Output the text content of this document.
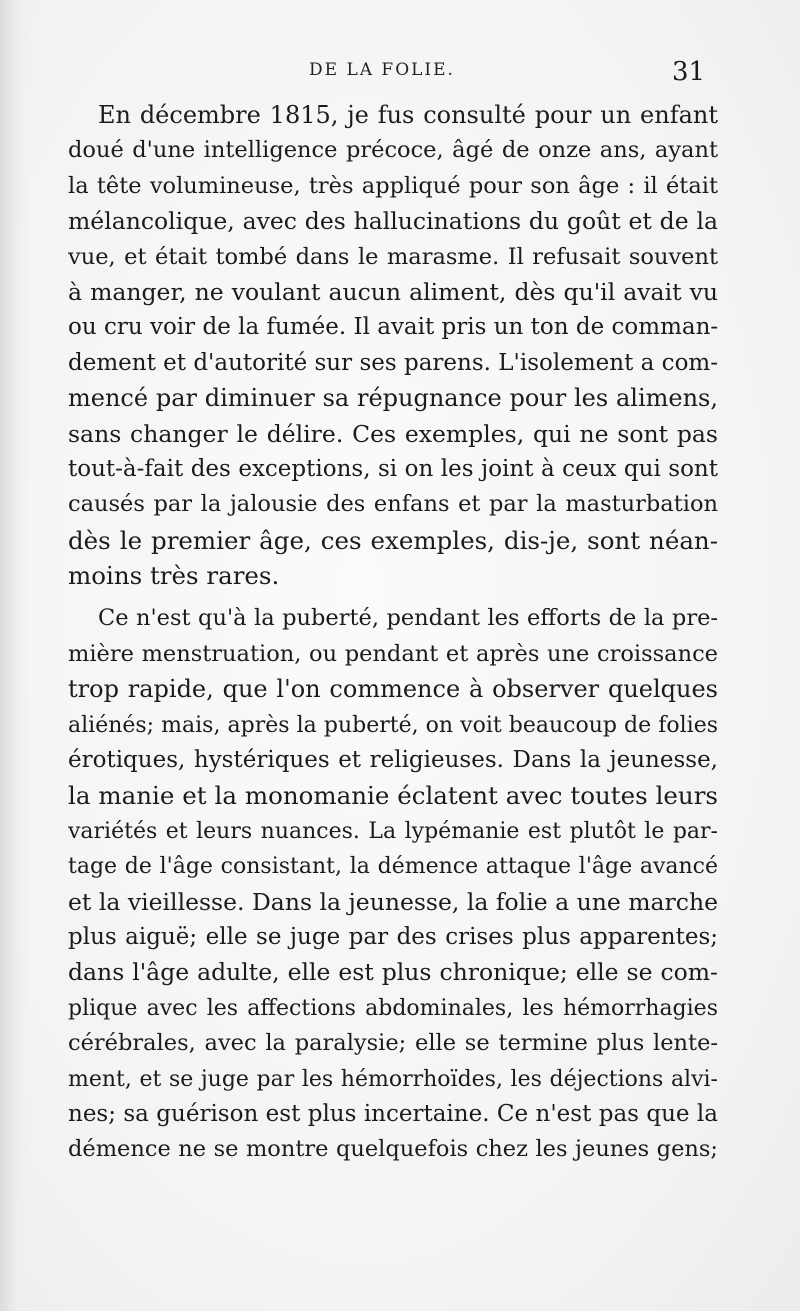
DE LA FOLIE.	31
En décembre 1815, je fus consulté pour un enfant
doué d'une intelligence précoce, âgé de onze ans, ayant
la tête volumineuse, très appliqué pour son âge : il était
mélancolique, avec des hallucinations du goût et de la
vue, et était tombé dans le marasme. Il refusait souvent
à manger, ne voulant aucun aliment, dès qu'il avait vu
ou cru voir de la fumée. Il avait pris un ton de comman-
dement et d'autorité sur ses parens. L'isolement a com-
mencé par diminuer sa répugnance pour les alimens,
sans changer le délire. Ces exemples, qui ne sont pas
tout-à-fait des exceptions, si on les joint à ceux qui sont
causés par la jalousie des enfans et par la masturbation
dès le premier âge, ces exemples, dis-je, sont néan-
moins très rares.
Ce n'est qu'à la puberté, pendant les efforts de la pre-
mière menstruation, ou pendant et après une croissance
trop rapide, que l'on commence à observer quelques
aliénés; mais, après la puberté, on voit beaucoup de folies
érotiques, hystériques et religieuses. Dans la jeunesse,
la manie et la monomanie éclatent avec toutes leurs
variétés et leurs nuances. La lypémanie est plutôt le par-
tage de l'âge consistant, la démence attaque l'âge avancé
et la vieillesse. Dans la jeunesse, la folie a une marche
plus aiguë; elle se juge par des crises plus apparentes;
dans l'âge adulte, elle est plus chronique; elle se com-
plique avec les affections abdominales, les hémorrhagies
cérébrales, avec la paralysie; elle se termine plus lente-
ment, et se juge par les hémorrhoïdes, les déjections alvi-
nes; sa guérison est plus incertaine. Ce n'est pas que la
démence ne se montre quelquefois chez les jeunes gens;
